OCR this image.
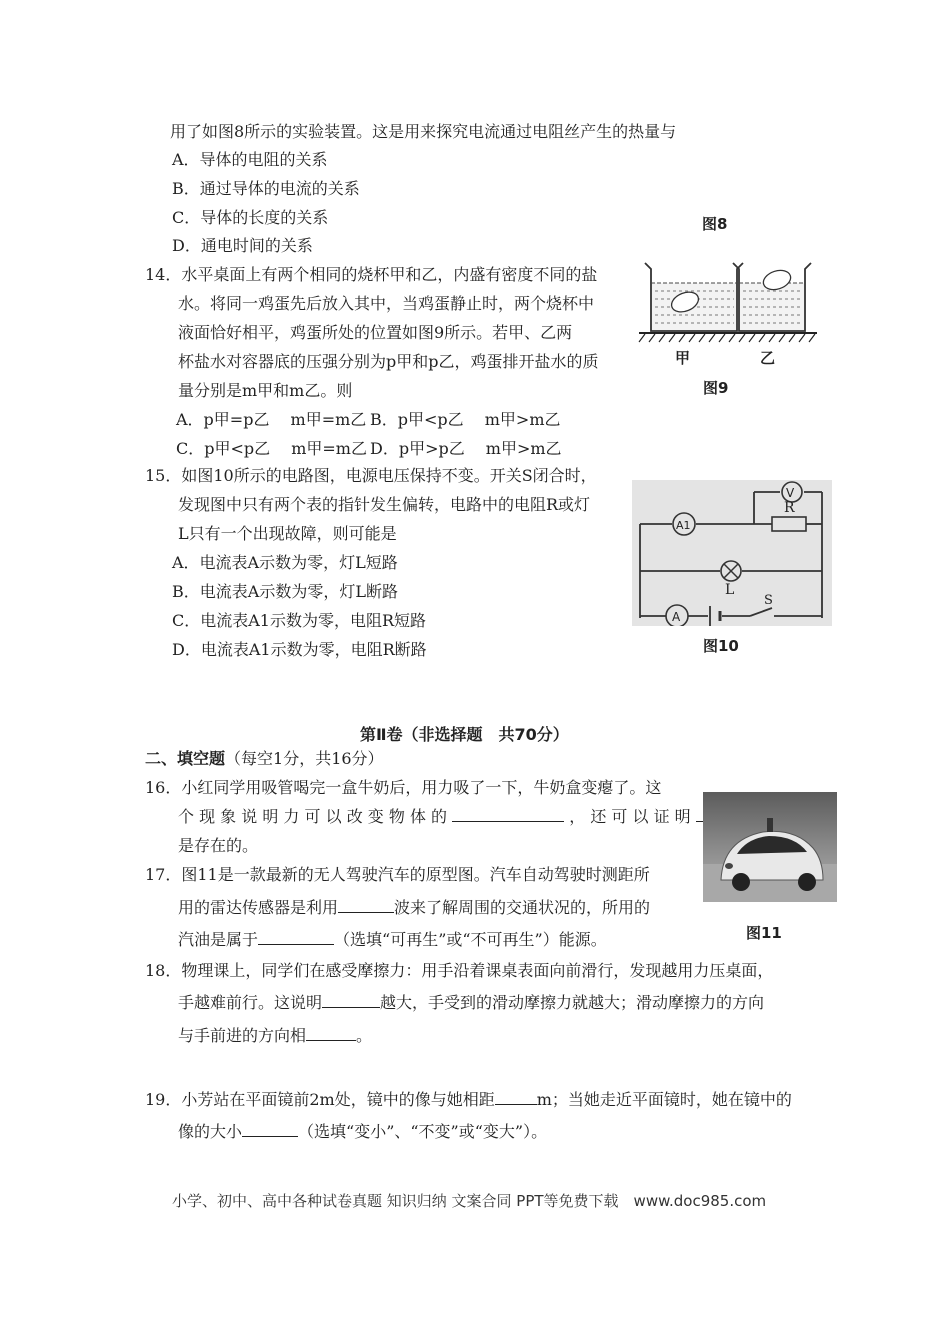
用了如图8所示的实验装置。这是用来探究电流通过电阻丝产生的热量与
A．导体的电阻的关系
B．通过导体的电流的关系
C．导体的长度的关系
D．通电时间的关系
图8
14．水平桌面上有两个相同的烧杯甲和乙，内盛有密度不同的盐
水。将同一鸡蛋先后放入其中，当鸡蛋静止时，两个烧杯中
液面恰好相平，鸡蛋所处的位置如图9所示。若甲、乙两
杯盐水对容器底的压强分别为p甲和p乙，鸡蛋排开盐水的质
量分别是m甲和m乙。则
A．p甲=p乙　 m甲=m乙 B．p甲<p乙　 m甲>m乙
C．p甲<p乙　 m甲=m乙 D．p甲>p乙　 m甲>m乙
甲	乙
图9
15．如图10所示的电路图，电源电压保持不变。开关S闭合时，
发现图中只有两个表的指针发生偏转，电路中的电阻R或灯
L只有一个出现故障，则可能是
A．电流表A示数为零，灯L短路
B．电流表A示数为零，灯L断路
C．电流表A1示数为零，电阻R短路
D．电流表A1示数为零，电阻R断路
V
R
A1
L
A
S
图10
第Ⅱ卷（非选择题　共70分）
二、填空题（每空1分，共16分）
16．小红同学用吸管喝完一盒牛奶后，用力吸了一下，牛奶盒变瘪了。这
个 现 象 说 明 力 可 以 改 变 物 体 的	， 还 可 以 证 明
是存在的。
图11
17．图11是一款最新的无人驾驶汽车的原型图。汽车自动驾驶时测距所
用的雷达传感器是利用	波来了解周围的交通状况的，所用的
汽油是属于	（选填“可再生”或“不可再生”）能源。
18．物理课上，同学们在感受摩擦力：用手沿着课桌表面向前滑行，发现越用力压桌面，
手越难前行。这说明	越大，手受到的滑动摩擦力就越大；滑动摩擦力的方向
与手前进的方向相	。
19．小芳站在平面镜前2m处，镜中的像与她相距	m；当她走近平面镜时，她在镜中的
像的大小	（选填“变小”、“不变”或“变大”）。
小学、初中、高中各种试卷真题 知识归纳 文案合同 PPT等免费下载　www.doc985.com
